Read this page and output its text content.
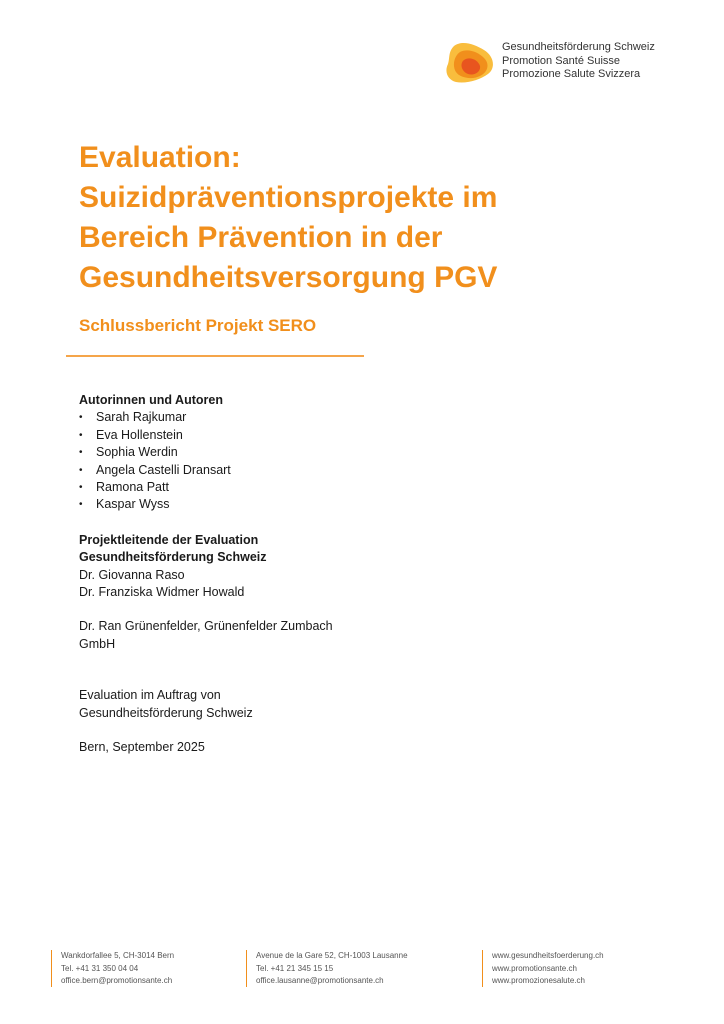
Gesundheitsförderung Schweiz
Promotion Santé Suisse
Promozione Salute Svizzera
Evaluation:
Suizidpräventionsprojekte im
Bereich Prävention in der
Gesundheitsversorgung PGV
Schlussbericht Projekt SERO
Autorinnen und Autoren
• Sarah Rajkumar
• Eva Hollenstein
• Sophia Werdin
• Angela Castelli Dransart
• Ramona Patt
• Kaspar Wyss
Projektleitende der Evaluation
Gesundheitsförderung Schweiz
Dr. Giovanna Raso
Dr. Franziska Widmer Howald
Dr. Ran Grünenfelder, Grünenfelder Zumbach
GmbH
Evaluation im Auftrag von
Gesundheitsförderung Schweiz
Bern, September 2025
Wankdorfallee 5, CH-3014 Bern
Tel. +41 31 350 04 04
office.bern@promotionsante.ch
Avenue de la Gare 52, CH-1003 Lausanne
Tel. +41 21 345 15 15
office.lausanne@promotionsante.ch
www.gesundheitsfoerderung.ch
www.promotionsante.ch
www.promozionesalute.ch
